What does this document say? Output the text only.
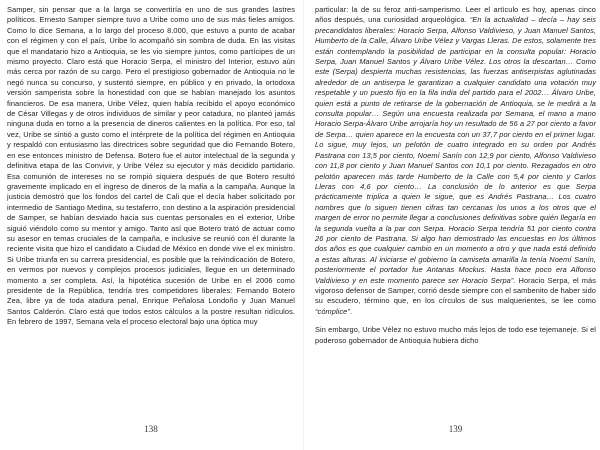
Samper, sin pensar que a la larga se convertiría en uno de sus grandes lastres políticos. Ernesto Samper siempre tuvo a Uribe como uno de sus más fieles amigos. Como lo dice Semana, a lo largo del proceso 8.000, que estuvo a punto de acabar con el régimen y con el país, Uribe lo acompañó sin sombra de duda. En las visitas que el mandatario hizo a Antioquia, se les vio siempre juntos, como partícipes de un mismo proyecto. Claro está que Horacio Serpa, el ministro del Interior, estuvo aún más cerca por razón de su cargo. Pero el prestigioso gobernador de Antioquia no le negó nunca su concurso, y sustentó siempre, en público y en privado, la ortodoxa versión samperista sobre la honestidad con que se habían manejado los asuntos financieros. De esa manera, Uribe Vélez, quien había recibido el apoyo económico de César Villegas y de otros individuos de similar y peor catadura, no planteó jamás ninguna duda en torno a la presencia de dineros calientes en la política. Por eso, tal vez, Uribe se sintió a gusto como el intérprete de la política del régimen en Antioquia y respaldó con entusiasmo las directrices sobre seguridad que dio Fernando Botero, en ese entonces ministro de Defensa. Botero fue el autor intelectual de la segunda y definitiva etapa de las Convivir, y Uribe Vélez su ejecutor y más decidido partidario. Esa comunión de intereses no se rompió siquiera después de que Botero resultó gravemente implicado en el ingreso de dineros de la mafia a la campaña. Aunque la justicia demostró que los fondos del cartel de Cali que el decía haber solicitado por intermedio de Santiago Medina, su testaferro, con destino a la aspiración presidencial de Samper, se habían desviado hacia sus cuentas personales en el exterior, Uribe siguió viéndolo como su mentor y amigo. Tanto así que Botero trató de actuar como su asesor en temas cruciales de la campaña, e inclusive se reunió con él durante la reciente visita que hizo el candidato a Ciudad de México en donde vive el ex ministro. Si Uribe triunfa en su carrera presidencial, es posible que la reivindicación de Botero, en vermos por nuevos y complejos procesos judiciales, llegue en un determinado momento a ser completa. Así, la hipotética sucesión de Uribe en el 2006 como presidente de la República, tendría tres competidores liberales: Fernando Botero Zea, libre ya de toda atadura penal, Enrique Peñalosa Londoño y Juan Manuel Santos Calderón. Claro está que todos estos cálculos a la postre resultan ridículos. En febrero de 1997, Semana vela el proceso electoral bajo una óptica muy

138

particular: la de su feroz anti-samperismo. Leer el artículo es hoy, apenas cinco años después, una curiosidad arqueológica. “En la actualidad – decía – hay seis precandidatos liberales: Horacio Serpa, Alfonso Valdivieso, y Juan Manuel Santos, Humberto de la Calle, Álvaro Uribe Vélez y Vargas Lleras. De estos, solamente tres están contemplando la posibilidad de participar en la consulta popular: Horacio Serpa, Juan Manuel Santos y Álvaro Uribe Vélez. Los otros la descartan… Como este (Serpa) despierta muchas resistencias, las fuerzas antiserpistas aglutinadas alrededor de un antiserpa le garantizan a cualquier candidato una votación muy respetable y un puesto fijo en la fila india del partido para el 2002… Álvaro Uribe, quien está a punto de retirarse de la gobernación de Antioquia, se le medirá a la consulta popular… Según una encuesta realizada por Semana, el mano a mano Horacio Serpa-Álvaro Uribe arrojaría hoy un resultado de 56 a 27 por ciento a favor de Serpa… quien aparece en la encuesta con un 37,7 por ciento en el primer lugar. Lo sigue, muy lejos, un pelotón de cuatro integrado en su orden por Andrés Pastrana con 13,5 por ciento, Noemí Sanín con 12,9 por ciento, Alfonso Valdivieso con 11,8 por ciento y Juan Manuel Santos con 10,1 por ciento. Rezagados en otro pelotón aparecen más tarde Humberto de la Calle con 5,4 por ciento y Carlos Lleras con 4,6 por ciento… La conclusión de lo anterior es que Serpa prácticamente triplica a quien le sigue, que es Andrés Pastrana… Los cuatro nombres que lo siguen tienen cifras tan cercanas los unos a los otros que el margen de error no permite llegar a conclusiones definitivas sobre quién llegaría en la segunda vuelta a la par con Serpa. Horacio Serpa tendría 51 por ciento contra 26 por ciento de Pastrana. Si algo han demostrado las encuestas en los últimos dos años es que cualquier cambio en un momento a otro y que nada está definido a estas alturas. Al iniciarse el gobierno la camiseta amarilla la tenía Noemí Sanín, posteriormente el portador fue Antanas Mockus. Hasta hace poco era Alfonso Valdivieso y en este momento parece ser Horacio Serpa”. Horacio Serpa, el más vigoroso defensor de Samper, corrió desde siempre con el sambenito de haber sido su escudero, término que, en los círculos de sus malquerientes, se lee como “cómplice”.

Sin embargo, Uribe Vélez no estuvo mucho más lejos de todo ese tejemaneje. Si el poderoso gobernador de Antioquia hubiera dicho

139
